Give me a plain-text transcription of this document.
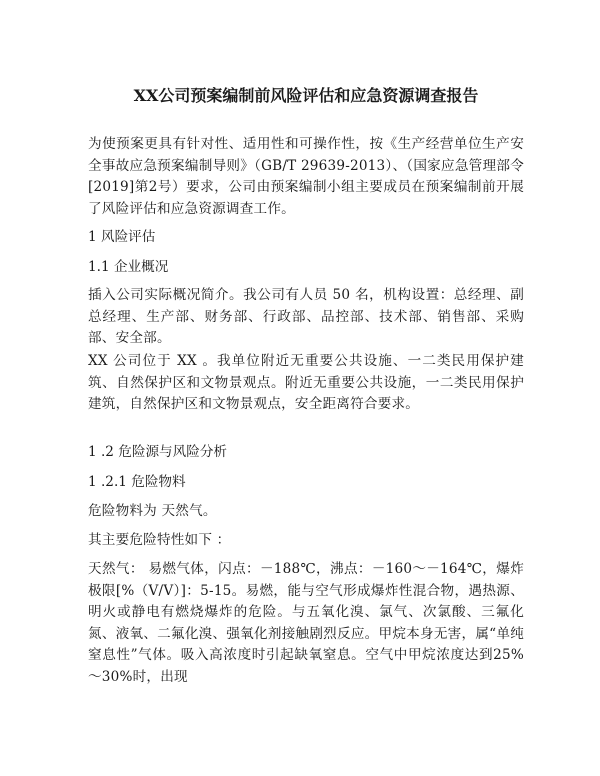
XX公司预案编制前风险评估和应急资源调查报告
为使预案更具有针对性、适用性和可操作性，按《生产经营单位生产安全事故应急预案编制导则》（GB/T 29639-2013）、（国家应急管理部令[2019]第2号）要求，公司由预案编制小组主要成员在预案编制前开展了风险评估和应急资源调查工作。
1 风险评估
1.1 企业概况
插入公司实际概况简介。我公司有人员 50 名，机构设置：总经理、副总经理、生产部、财务部、行政部、品控部、技术部、销售部、采购部、安全部。
XX 公司位于 XX 。我单位附近无重要公共设施、一二类民用保护建筑、自然保护区和文物景观点。附近无重要公共设施，一二类民用保护建筑，自然保护区和文物景观点，安全距离符合要求。
1 .2 危险源与风险分析
1 .2.1 危险物料
危险物料为 天然气。
其主要危险特性如下 ：
天然气： 易燃气体，闪点：－188℃，沸点：－160～－164℃，爆炸极限[%（V/V）]：5-15。易燃，能与空气形成爆炸性混合物，遇热源、明火或静电有燃烧爆炸的危险。与五氧化溴、氯气、次氯酸、三氟化氮、液氧、二氟化溴、强氧化剂接触剧烈反应。甲烷本身无害，属“单纯窒息性”气体。吸入高浓度时引起缺氧窒息。空气中甲烷浓度达到25%～30%时，出现
